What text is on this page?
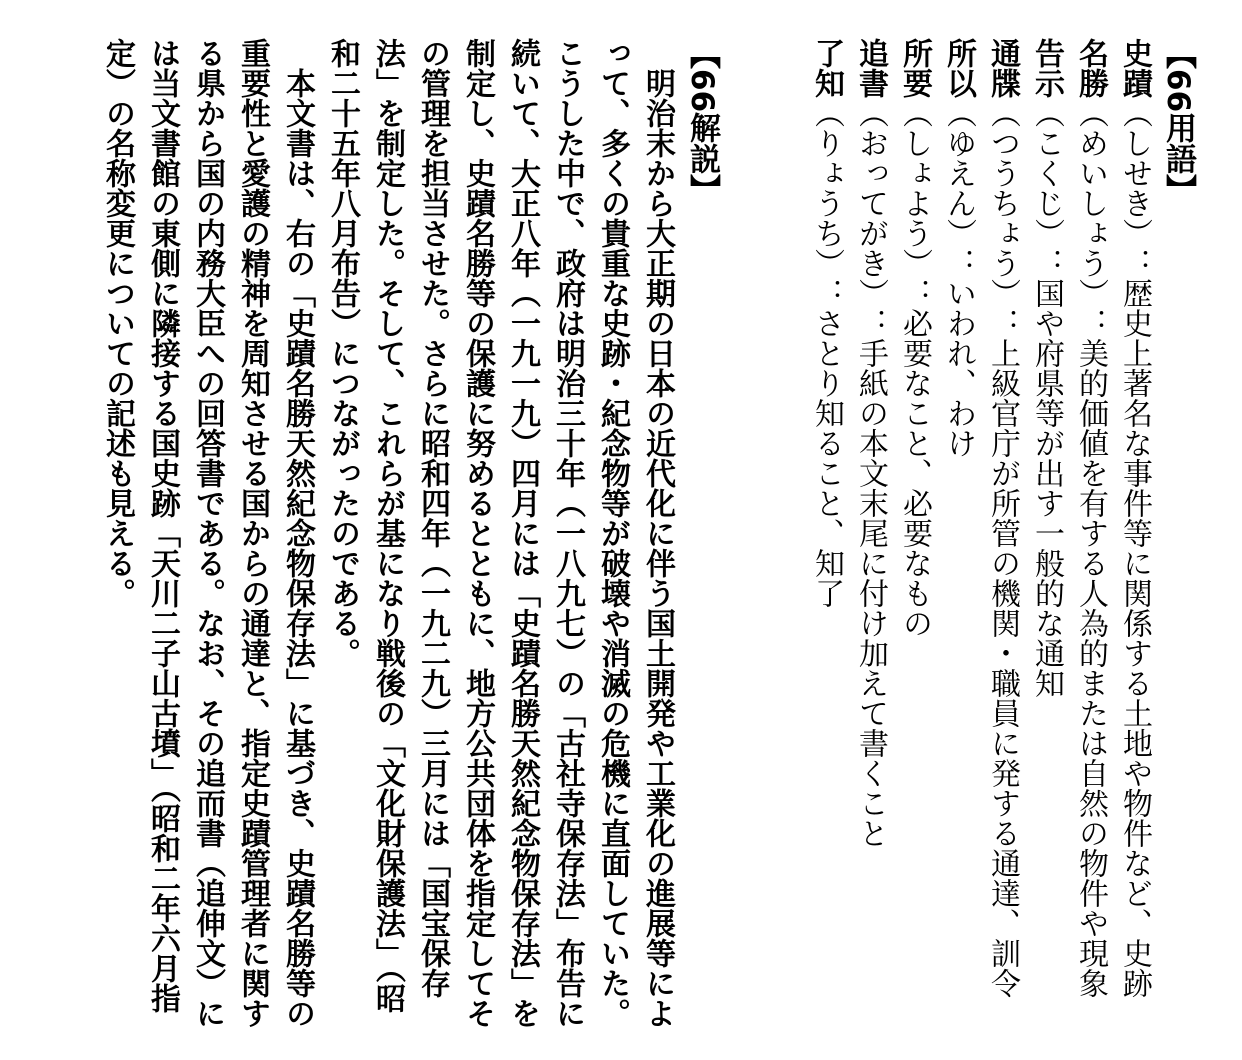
【66用語】

史蹟（しせき）：歴史上著名な事件等に関係する土地や物件など、史跡

名勝（めいしょう）：美的価値を有する人為的または自然の物件や現象

告示（こくじ）：国や府県等が出す一般的な通知

通牒（つうちょう）：上級官庁が所管の機関・職員に発する通達、訓令

所以（ゆえん）：いわれ、わけ

所要（しょよう）：必要なこと、必要なもの

追書（おってがき）：手紙の本文末尾に付け加えて書くこと

了知（りょうち）：さとり知ること、知了

【66解説】

明治末から大正期の日本の近代化に伴う国土開発や工業化の進展等によって、多くの貴重な史跡・紀念物等が破壊や消滅の危機に直面していた。こうした中で、政府は明治三十年（一八九七）の「古社寺保存法」布告に続いて、大正八年（一九一九）四月には「史蹟名勝天然紀念物保存法」を制定し、史蹟名勝等の保護に努めるとともに、地方公共団体を指定してその管理を担当させた。さらに昭和四年（一九二九）三月には「国宝保存法」を制定した。そして、これらが基になり戦後の「文化財保護法」（昭和二十五年八月布告）につながったのである。

本文書は、右の「史蹟名勝天然紀念物保存法」に基づき、史蹟名勝等の重要性と愛護の精神を周知させる国からの通達と、指定史蹟管理者に関する県から国の内務大臣への回答書である。なお、その追而書（追伸文）には当文書館の東側に隣接する国史跡「天川二子山古墳」（昭和二年六月指定）の名称変更についての記述も見える。
